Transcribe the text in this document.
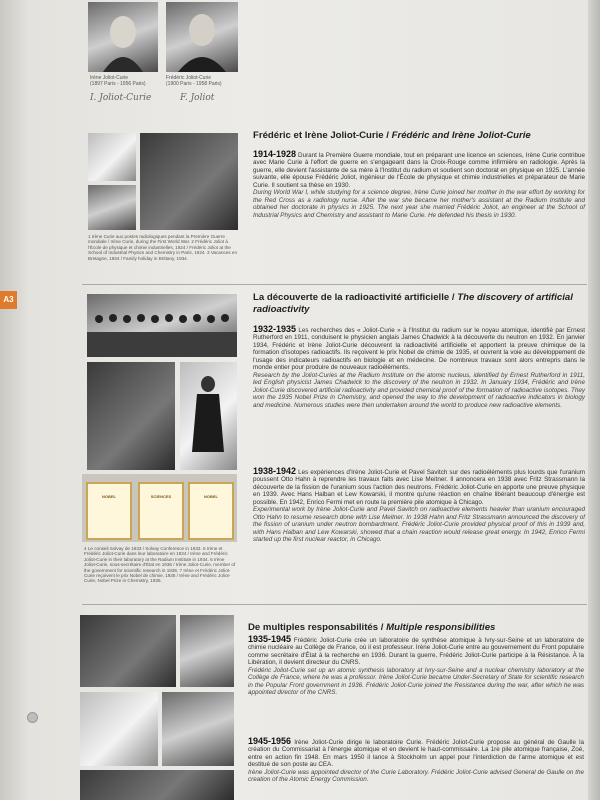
Irène Joliot-Curie
(1897 Paris - 1956 Paris)
Frédéric Joliot-Curie
(1900 Paris - 1958 Paris)
I. Joliot-Curie	F. Joliot
Frédéric et Irène Joliot-Curie / Frédéric and Irène Joliot-Curie
1 Irène Curie aux postes radiologiques pendant la Première Guerre mondiale / Irène Curie, during the First World War. 2 Frédéric Joliot à l'École de physique et chimie industrielles, 1924 / Frédéric Joliot at the School of Industrial Physics and Chemistry in Paris, 1924. 3 Vacances en Bretagne, 1934 / Family holiday in Brittany, 1934.
1914-1928 Durant la Première Guerre mondiale, tout en préparant une licence en sciences, Irène Curie contribue avec Marie Curie à l'effort de guerre en s'engageant dans la Croix-Rouge comme infirmière en radiologie. Après la guerre, elle devient l'assistante de sa mère à l'Institut du radium et soutient son doctorat en physique en 1925. L'année suivante, elle épouse Frédéric Joliot, ingénieur de l'École de physique et chimie industrielles et préparateur de Marie Curie. Il soutient sa thèse en 1930.
During World War I, while studying for a science degree, Irène Curie joined her mother in the war effort by working for the Red Cross as a radiology nurse. After the war she became her mother's assistant at the Radium Institute and obtained her doctorate in physics in 1925. The next year she married Frédéric Joliot, an engineer at the School of Industrial Physics and Chemistry and assistant to Marie Curie. He defended his thesis in 1930.
A3	La découverte de la radioactivité artificielle / The discovery of artificial radioactivity
NOBEL	SCIENCES	NOBEL
4 Le conseil Solvay de 1933 / Solvay Conference in 1933. 5 Irène et Frédéric Joliot-Curie dans leur laboratoire en 1934 / Irène and Frédéric Joliot-Curie in their laboratory at the Radium Institute in 1934. 6 Irène Joliot-Curie, sous-secrétaire d'État en 1936 / Irène Joliot-Curie, member of the government for scientific research in 1936. 7 Irène et Frédéric Joliot-Curie reçoivent le prix Nobel de chimie, 1935 / Irène and Frédéric Joliot-Curie, Nobel Prize in Chemistry, 1935.
1932-1935 Les recherches des « Joliot-Curie » à l'Institut du radium sur le noyau atomique, identifié par Ernest Rutherford en 1911, conduisent le physicien anglais James Chadwick à la découverte du neutron en 1932. En janvier 1934, Frédéric et Irène Joliot-Curie découvrent la radioactivité artificielle et apportent la preuve chimique de la formation d'isotopes radioactifs. Ils reçoivent le prix Nobel de chimie de 1935, et ouvrent la voie au développement de l'usage des indicateurs radioactifs en biologie et en médecine. De nombreux travaux sont alors entrepris dans le monde entier pour produire de nouveaux radioéléments.
Research by the Joliot-Curies at the Radium Institute on the atomic nucleus, identified by Ernest Rutherford in 1911, led English physicist James Chadwick to the discovery of the neutron in 1932. In January 1934, Frédéric and Irène Joliot-Curie discovered artificial radioactivity and provided chemical proof of the formation of radioactive isotopes. They won the 1935 Nobel Prize in Chemistry, and opened the way to the development of radioactive indicators in biology and medicine. Numerous studies were then undertaken around the world to produce new radioactive elements.
1938-1942 Les expériences d'Irène Joliot-Curie et Pavel Savitch sur des radioéléments plus lourds que l'uranium poussent Otto Hahn à reprendre les travaux faits avec Lise Meitner. Il annoncera en 1938 avec Fritz Strassmann la découverte de la fission de l'uranium sous l'action des neutrons. Frédéric Joliot-Curie en apporte une preuve physique en 1939. Avec Hans Halban et Lew Kowarski, il montre qu'une réaction en chaîne libérant beaucoup d'énergie est possible. En 1942, Enrico Fermi met en route la première pile atomique à Chicago.
Experimental work by Irène Joliot-Curie and Pavel Savitch on radioactive elements heavier than uranium encouraged Otto Hahn to resume research done with Lise Meitner. In 1938 Hahn and Fritz Strassmann announced the discovery of the fission of uranium under neutron bombardment. Frédéric Joliot-Curie provided physical proof of this in 1939 and, with Hans Halban and Lew Kowarski, showed that a chain reaction would release great energy. In 1942, Enrico Fermi started up the first nuclear reactor, in Chicago.
De multiples responsabilités / Multiple responsibilities
1935-1945 Frédéric Joliot-Curie crée un laboratoire de synthèse atomique à Ivry-sur-Seine et un laboratoire de chimie nucléaire au Collège de France, où il est professeur. Irène Joliot-Curie entre au gouvernement du Front populaire comme secrétaire d'État à la recherche en 1936. Durant la guerre, Frédéric Joliot-Curie participe à la Résistance. À la Libération, il devient directeur du CNRS.
Frédéric Joliot-Curie set up an atomic synthesis laboratory at Ivry-sur-Seine and a nuclear chemistry laboratory at the Collège de France, where he was a professor. Irène Joliot-Curie became Under-Secretary of State for scientific research in the Popular Front government in 1936. Frédéric Joliot-Curie joined the Resistance during the war, after which he was appointed director of the CNRS.
1945-1956 Irène Joliot-Curie dirige le laboratoire Curie. Frédéric Joliot-Curie propose au général de Gaulle la création du Commissariat à l'énergie atomique et en devient le haut-commissaire. La 1re pile atomique française, Zoé, entre en action fin 1948. En mars 1950 il lance à Stockholm un appel pour l'interdiction de l'arme atomique et est destitué de son poste au CEA.
Irène Joliot-Curie was appointed director of the Curie Laboratory. Frédéric Joliot-Curie advised General de Gaulle on the creation of the Atomic Energy Commission.
